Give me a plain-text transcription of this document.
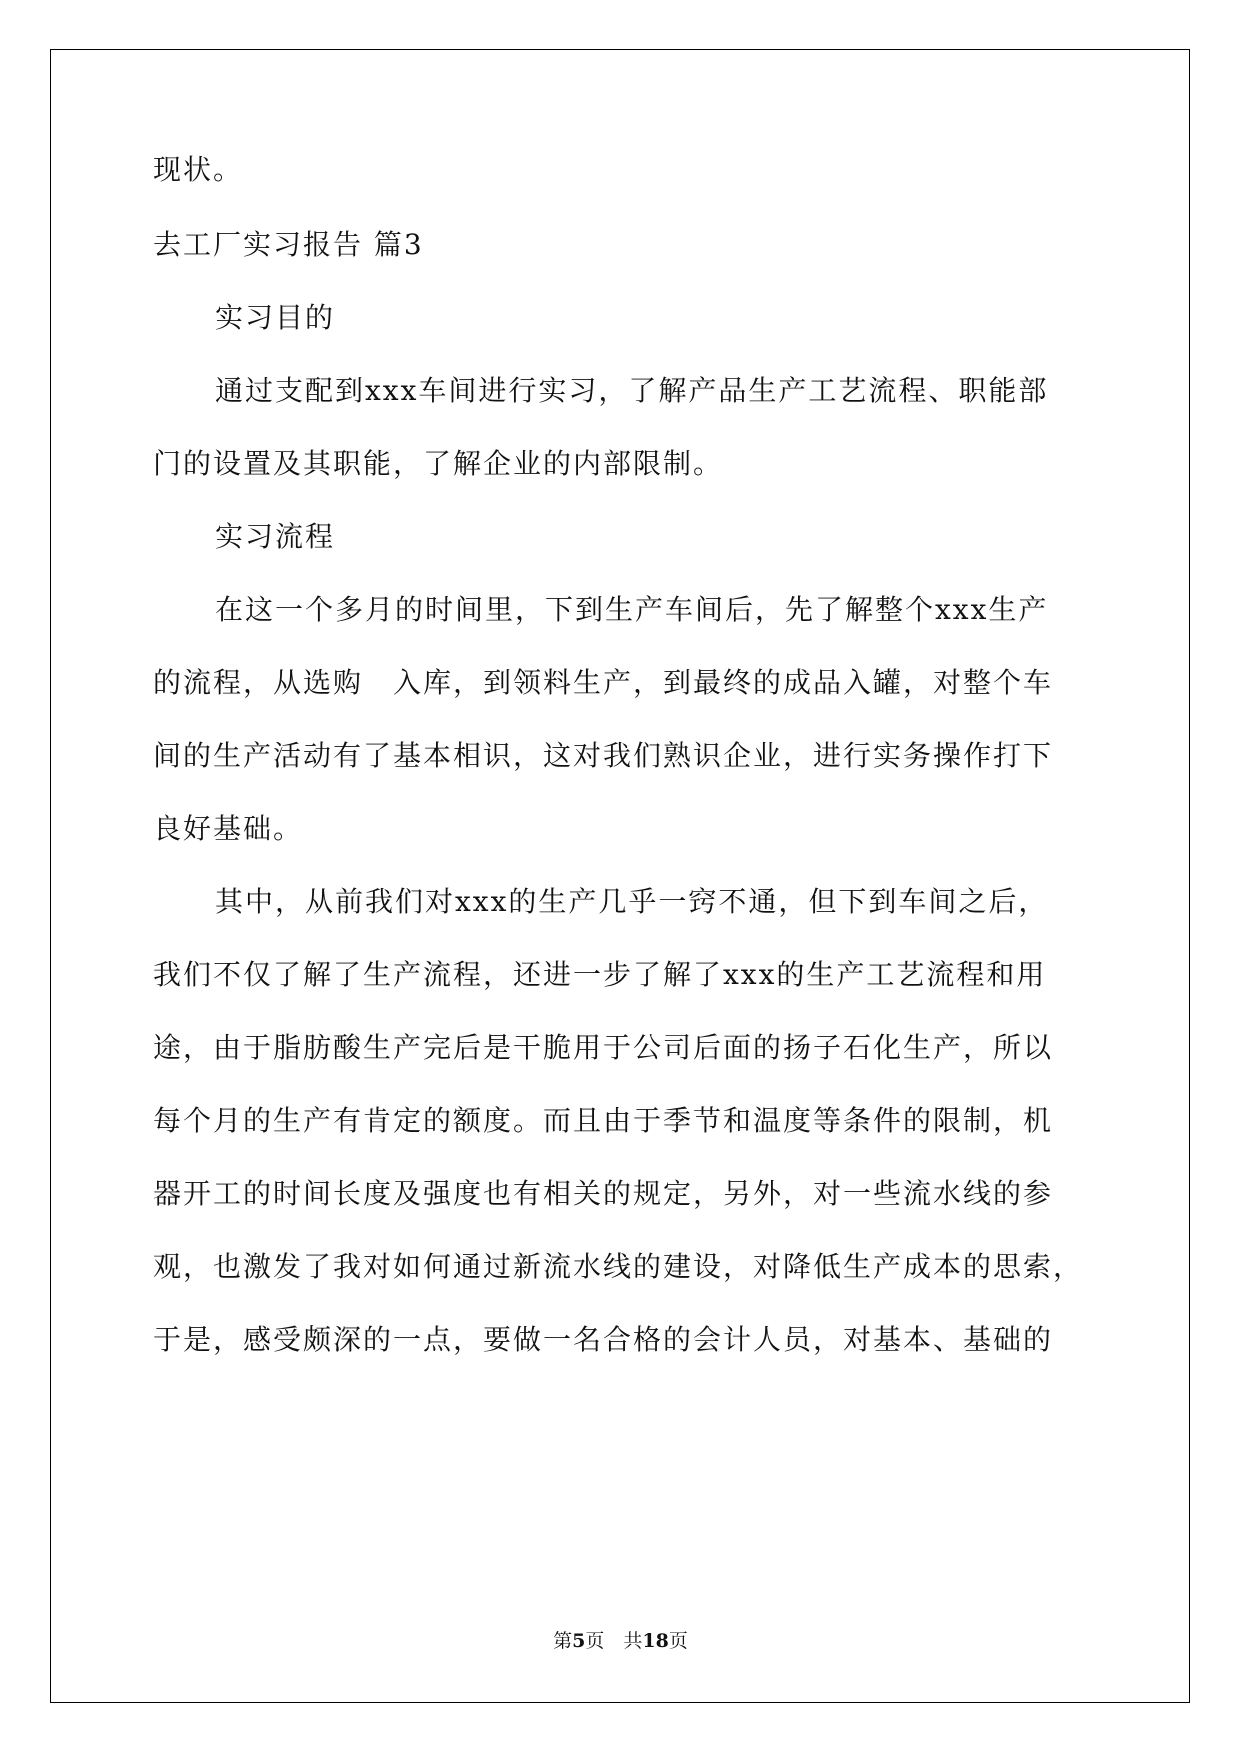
现状。
去工厂实习报告 篇3
实习目的
通过支配到xxx车间进行实习，了解产品生产工艺流程、职能部
门的设置及其职能，了解企业的内部限制。
实习流程
在这一个多月的时间里，下到生产车间后，先了解整个xxx生产
的流程，从选购　入库，到领料生产，到最终的成品入罐，对整个车
间的生产活动有了基本相识，这对我们熟识企业，进行实务操作打下
良好基础。
其中，从前我们对xxx的生产几乎一窍不通，但下到车间之后，
我们不仅了解了生产流程，还进一步了解了xxx的生产工艺流程和用
途，由于脂肪酸生产完后是干脆用于公司后面的扬子石化生产，所以
每个月的生产有肯定的额度。而且由于季节和温度等条件的限制，机
器开工的时间长度及强度也有相关的规定，另外，对一些流水线的参
观，也激发了我对如何通过新流水线的建设，对降低生产成本的思索，
于是，感受颇深的一点，要做一名合格的会计人员，对基本、基础的
第5页　共18页
